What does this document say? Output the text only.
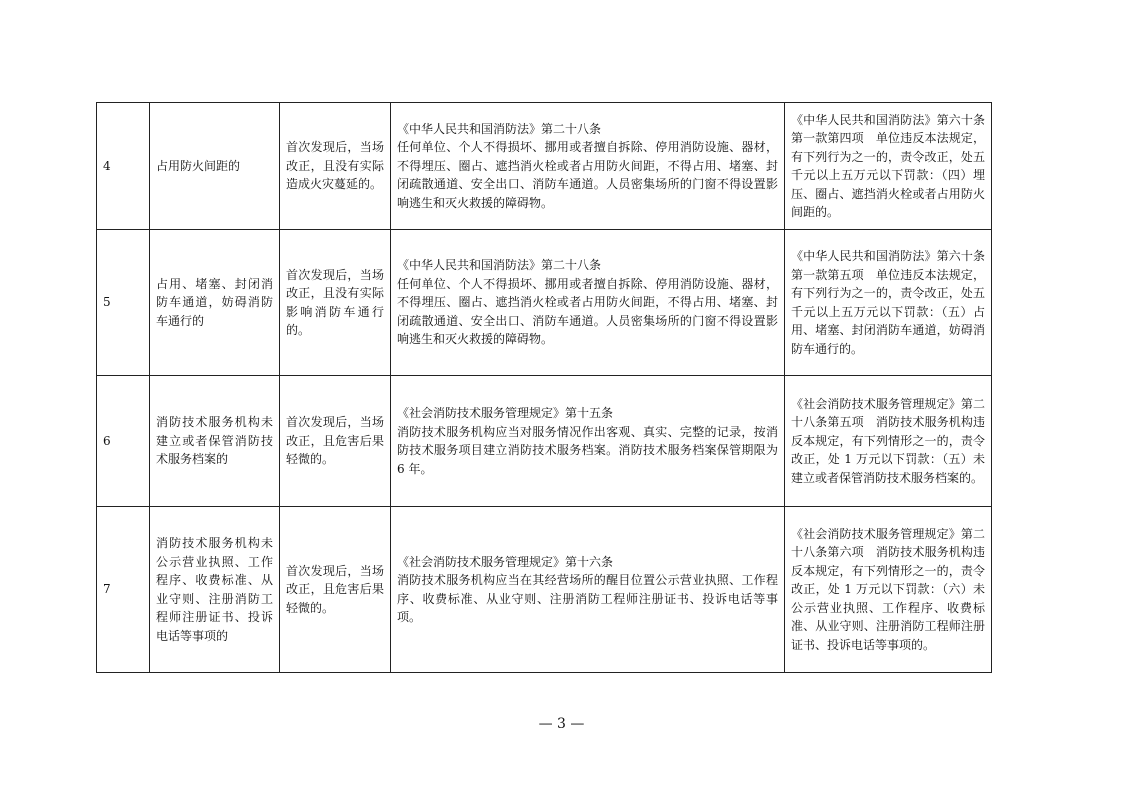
4	占用防火间距的	首次发现后，当场改正，且没有实际造成火灾蔓延的。	《中华人民共和国消防法》第二十八条
任何单位、个人不得损坏、挪用或者擅自拆除、停用消防设施、器材，不得埋压、圈占、遮挡消火栓或者占用防火间距，不得占用、堵塞、封闭疏散通道、安全出口、消防车通道。人员密集场所的门窗不得设置影响逃生和灭火救援的障碍物。	《中华人民共和国消防法》第六十条第一款第四项　单位违反本法规定，有下列行为之一的，责令改正，处五千元以上五万元以下罚款：（四）埋压、圈占、遮挡消火栓或者占用防火间距的。
5	占用、堵塞、封闭消防车通道，妨碍消防车通行的	首次发现后，当场改正，且没有实际影响消防车通行的。	《中华人民共和国消防法》第二十八条
任何单位、个人不得损坏、挪用或者擅自拆除、停用消防设施、器材，不得埋压、圈占、遮挡消火栓或者占用防火间距，不得占用、堵塞、封闭疏散通道、安全出口、消防车通道。人员密集场所的门窗不得设置影响逃生和灭火救援的障碍物。	《中华人民共和国消防法》第六十条第一款第五项　单位违反本法规定，有下列行为之一的，责令改正，处五千元以上五万元以下罚款：（五）占用、堵塞、封闭消防车通道，妨碍消防车通行的。
6	消防技术服务机构未建立或者保管消防技术服务档案的	首次发现后，当场改正，且危害后果轻微的。	《社会消防技术服务管理规定》第十五条
消防技术服务机构应当对服务情况作出客观、真实、完整的记录，按消防技术服务项目建立消防技术服务档案。消防技术服务档案保管期限为 6 年。	《社会消防技术服务管理规定》第二十八条第五项　消防技术服务机构违反本规定，有下列情形之一的，责令改正，处 1 万元以下罚款：（五）未建立或者保管消防技术服务档案的。
7	消防技术服务机构未公示营业执照、工作程序、收费标准、从业守则、注册消防工程师注册证书、投诉电话等事项的	首次发现后，当场改正，且危害后果轻微的。	《社会消防技术服务管理规定》第十六条
消防技术服务机构应当在其经营场所的醒目位置公示营业执照、工作程序、收费标准、从业守则、注册消防工程师注册证书、投诉电话等事项。	《社会消防技术服务管理规定》第二十八条第六项　消防技术服务机构违反本规定，有下列情形之一的，责令改正，处 1 万元以下罚款：（六）未公示营业执照、工作程序、收费标准、从业守则、注册消防工程师注册证书、投诉电话等事项的。
— 3 —
